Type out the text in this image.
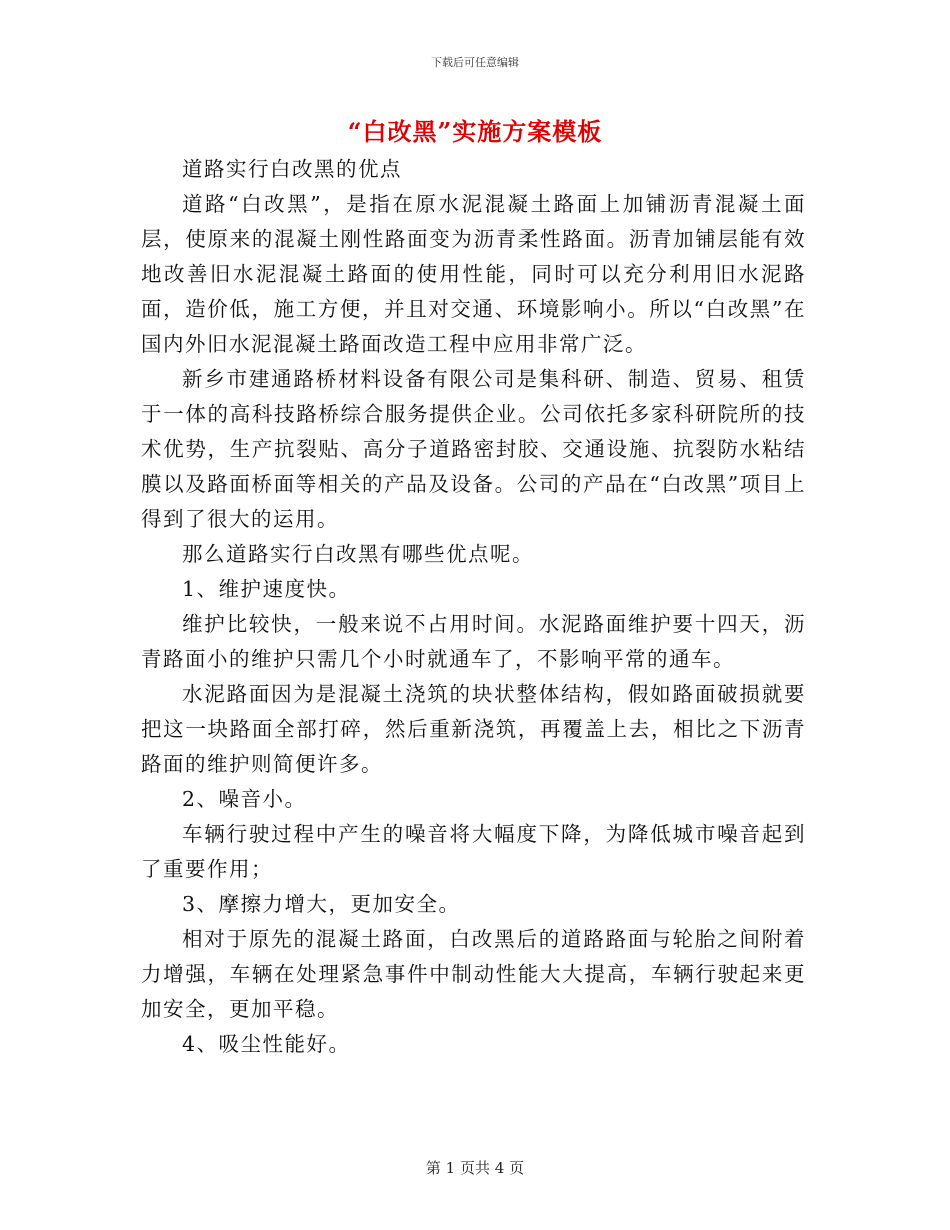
下载后可任意编辑
“白改黑”实施方案模板

道路实行白改黑的优点

道路“白改黑”，是指在原水泥混凝土路面上加铺沥青混凝土面层，使原来的混凝土刚性路面变为沥青柔性路面。沥青加铺层能有效地改善旧水泥混凝土路面的使用性能，同时可以充分利用旧水泥路面，造价低，施工方便，并且对交通、环境影响小。所以“白改黑”在国内外旧水泥混凝土路面改造工程中应用非常广泛。

新乡市建通路桥材料设备有限公司是集科研、制造、贸易、租赁于一体的高科技路桥综合服务提供企业。公司依托多家科研院所的技术优势，生产抗裂贴、高分子道路密封胶、交通设施、抗裂防水粘结膜以及路面桥面等相关的产品及设备。公司的产品在“白改黑”项目上得到了很大的运用。

那么道路实行白改黑有哪些优点呢。

1、维护速度快。

维护比较快，一般来说不占用时间。水泥路面维护要十四天，沥青路面小的维护只需几个小时就通车了，不影响平常的通车。

水泥路面因为是混凝土浇筑的块状整体结构，假如路面破损就要把这一块路面全部打碎，然后重新浇筑，再覆盖上去，相比之下沥青路面的维护则简便许多。

2、噪音小。

车辆行驶过程中产生的噪音将大幅度下降，为降低城市噪音起到了重要作用；

3、摩擦力增大，更加安全。

相对于原先的混凝土路面，白改黑后的道路路面与轮胎之间附着力增强，车辆在处理紧急事件中制动性能大大提高，车辆行驶起来更加安全，更加平稳。

4、吸尘性能好。

第 1 页共 4 页
